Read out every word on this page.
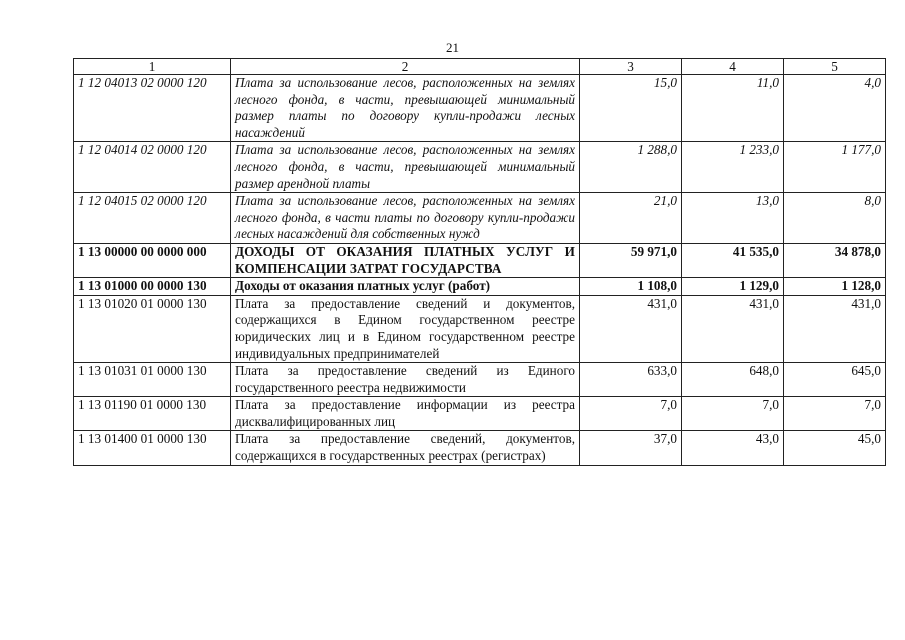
21
1	2	3	4	5
1 12 04013 02 0000 120	Плата за использование лесов, расположенных на землях лесного фонда, в части, превышающей минимальный размер платы по договору купли-продажи лесных насаждений	15,0	11,0	4,0
1 12 04014 02 0000 120	Плата за использование лесов, расположенных на землях лесного фонда, в части, превышающей минимальный размер арендной платы	1 288,0	1 233,0	1 177,0
1 12 04015 02 0000 120	Плата за использование лесов, расположенных на землях лесного фонда, в части платы по договору купли-продажи лесных насаждений для собственных нужд	21,0	13,0	8,0
1 13 00000 00 0000 000	ДОХОДЫ ОТ ОКАЗАНИЯ ПЛАТНЫХ УСЛУГ И КОМПЕНСАЦИИ ЗАТРАТ ГОСУДАРСТВА	59 971,0	41 535,0	34 878,0
1 13 01000 00 0000 130	Доходы от оказания платных услуг (работ)	1 108,0	1 129,0	1 128,0
1 13 01020 01 0000 130	Плата за предоставление сведений и документов, содержащихся в Едином государственном реестре юридических лиц и в Едином государственном реестре индивидуальных предпринимателей	431,0	431,0	431,0
1 13 01031 01 0000 130	Плата за предоставление сведений из Единого государственного реестра недвижимости	633,0	648,0	645,0
1 13 01190 01 0000 130	Плата за предоставление информации из реестра дисквалифицированных лиц	7,0	7,0	7,0
1 13 01400 01 0000 130	Плата за предоставление сведений, документов, содержащихся в государственных реестрах (регистрах)	37,0	43,0	45,0
